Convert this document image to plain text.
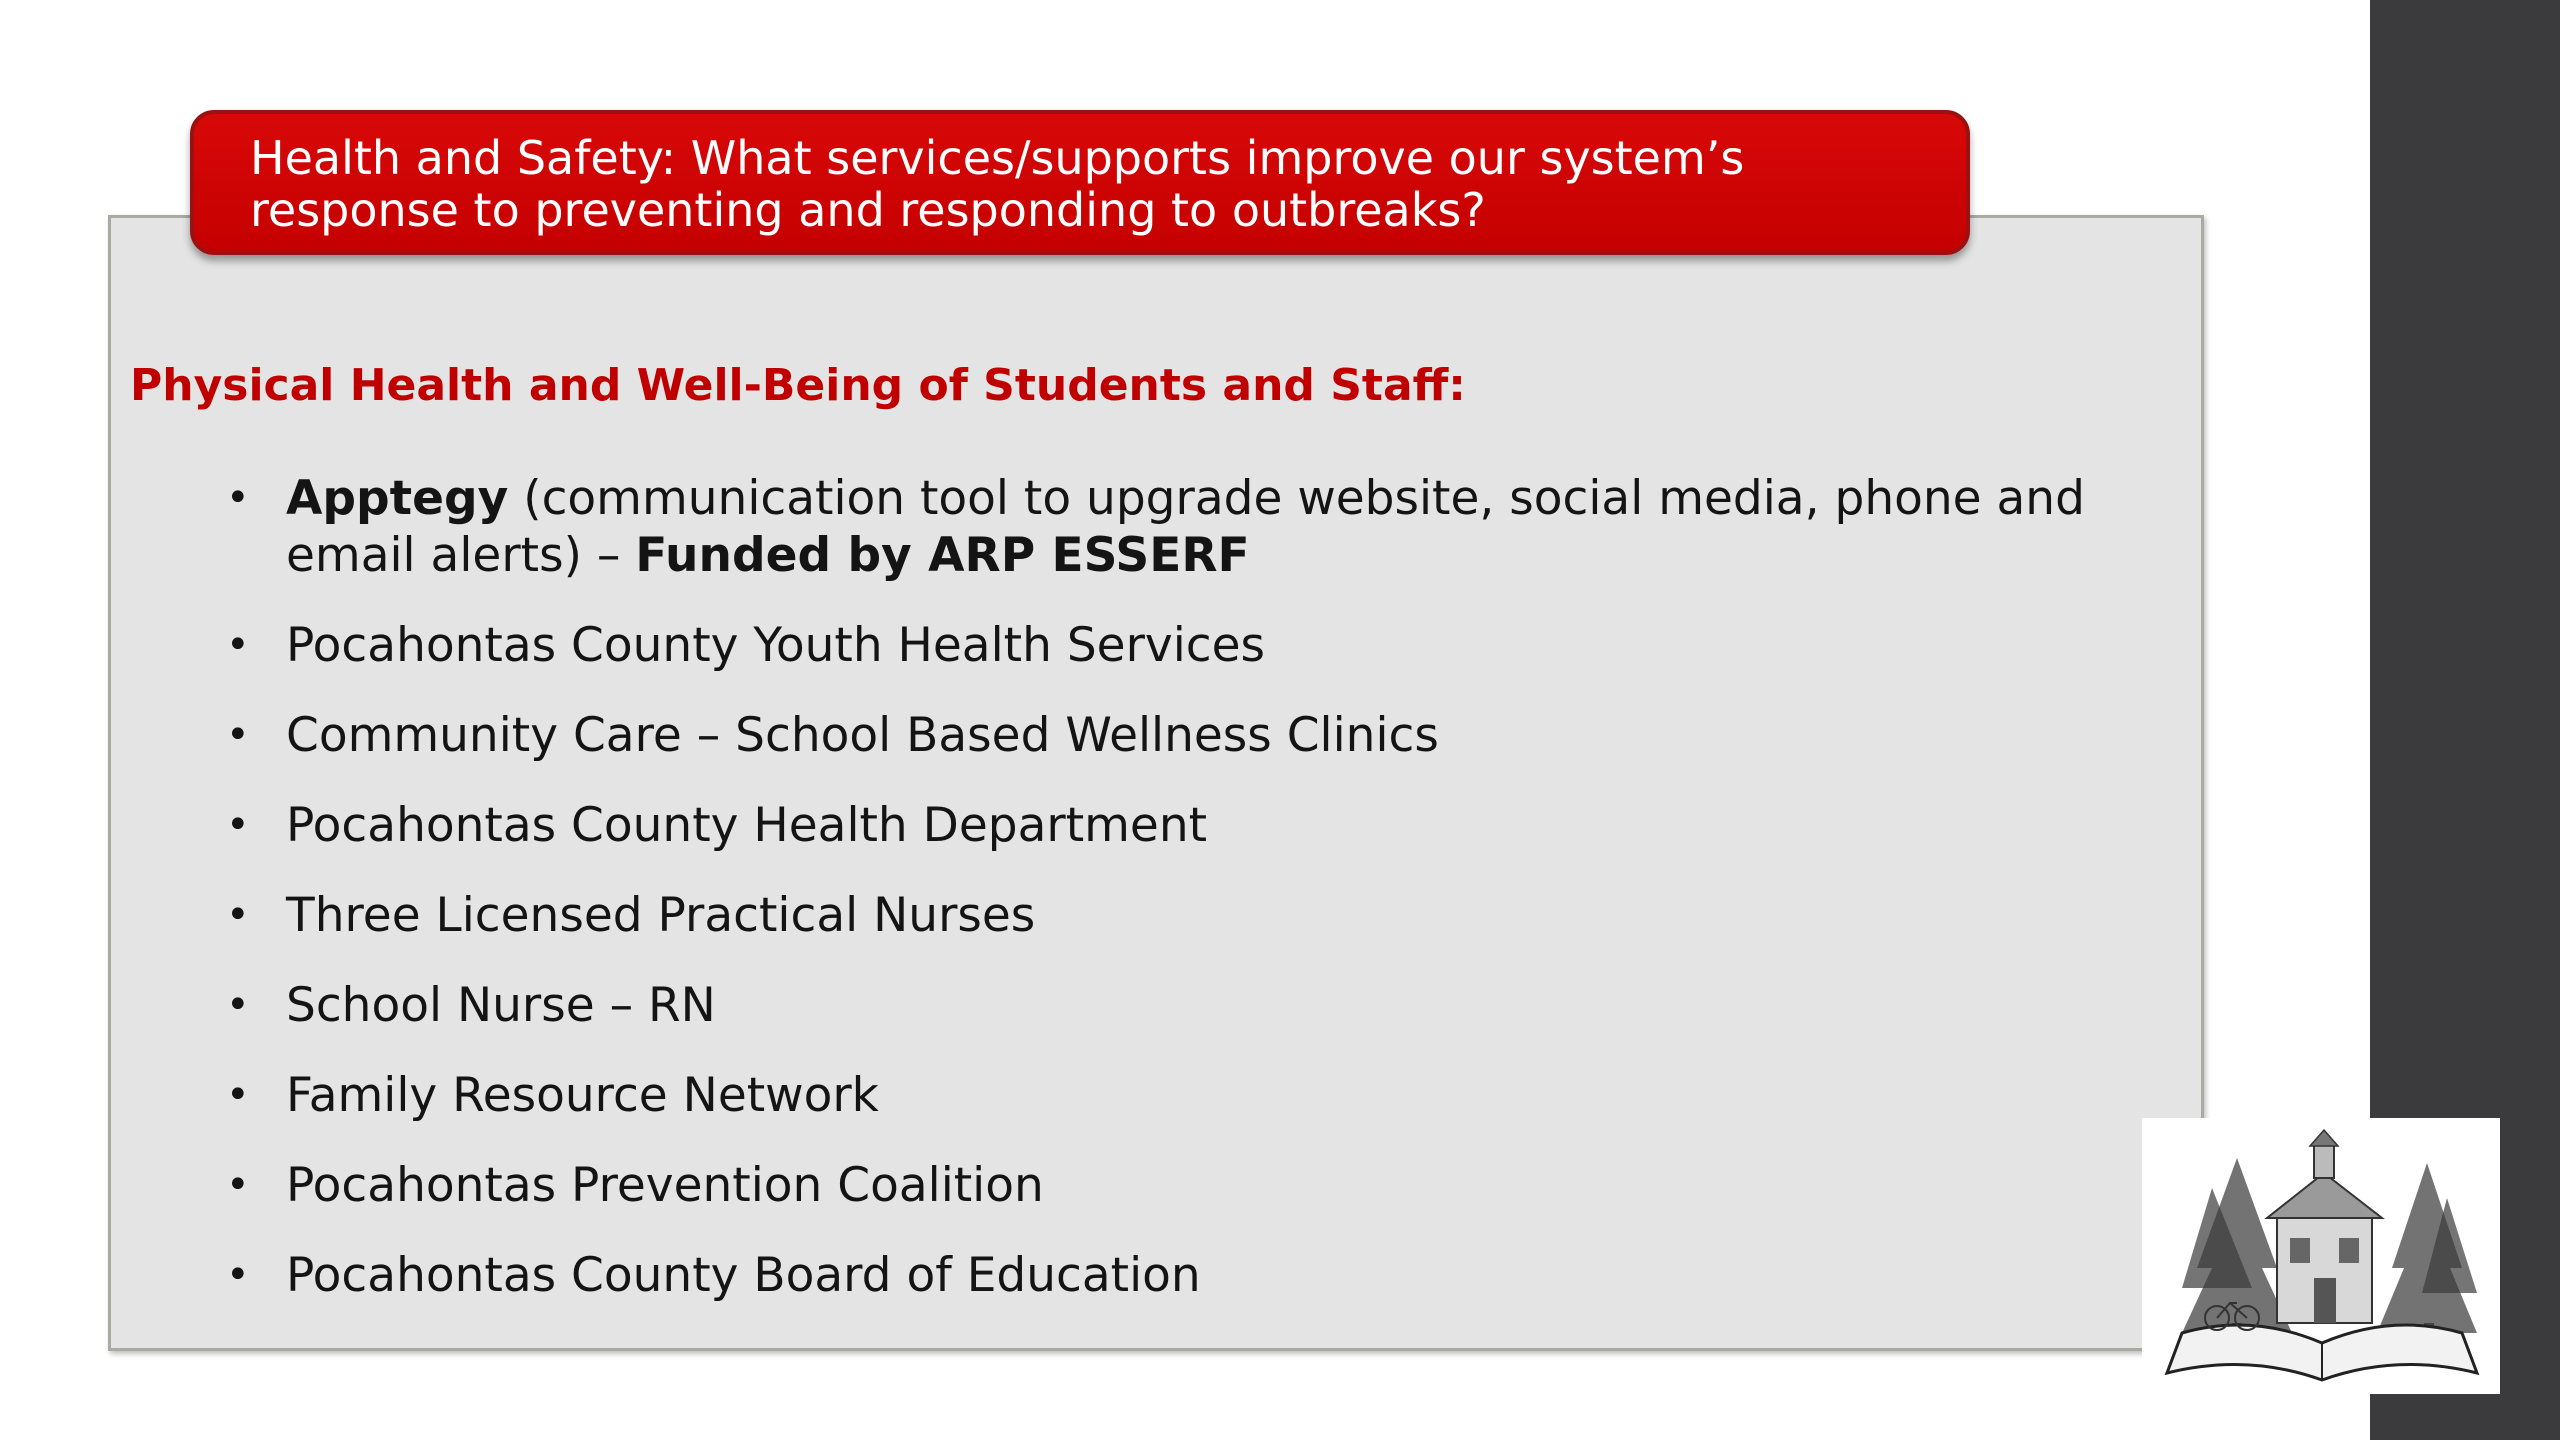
Health and Safety: What services/supports improve our system’s
response to preventing and responding to outbreaks?
Physical Health and Well-Being of Students and Staff:
• Apptegy (communication tool to upgrade website, social media, phone and email alerts) – Funded by ARP ESSERF
• Pocahontas County Youth Health Services
• Community Care – School Based Wellness Clinics
• Pocahontas County Health Department
• Three Licensed Practical Nurses
• School Nurse – RN
• Family Resource Network
• Pocahontas Prevention Coalition
• Pocahontas County Board of Education
